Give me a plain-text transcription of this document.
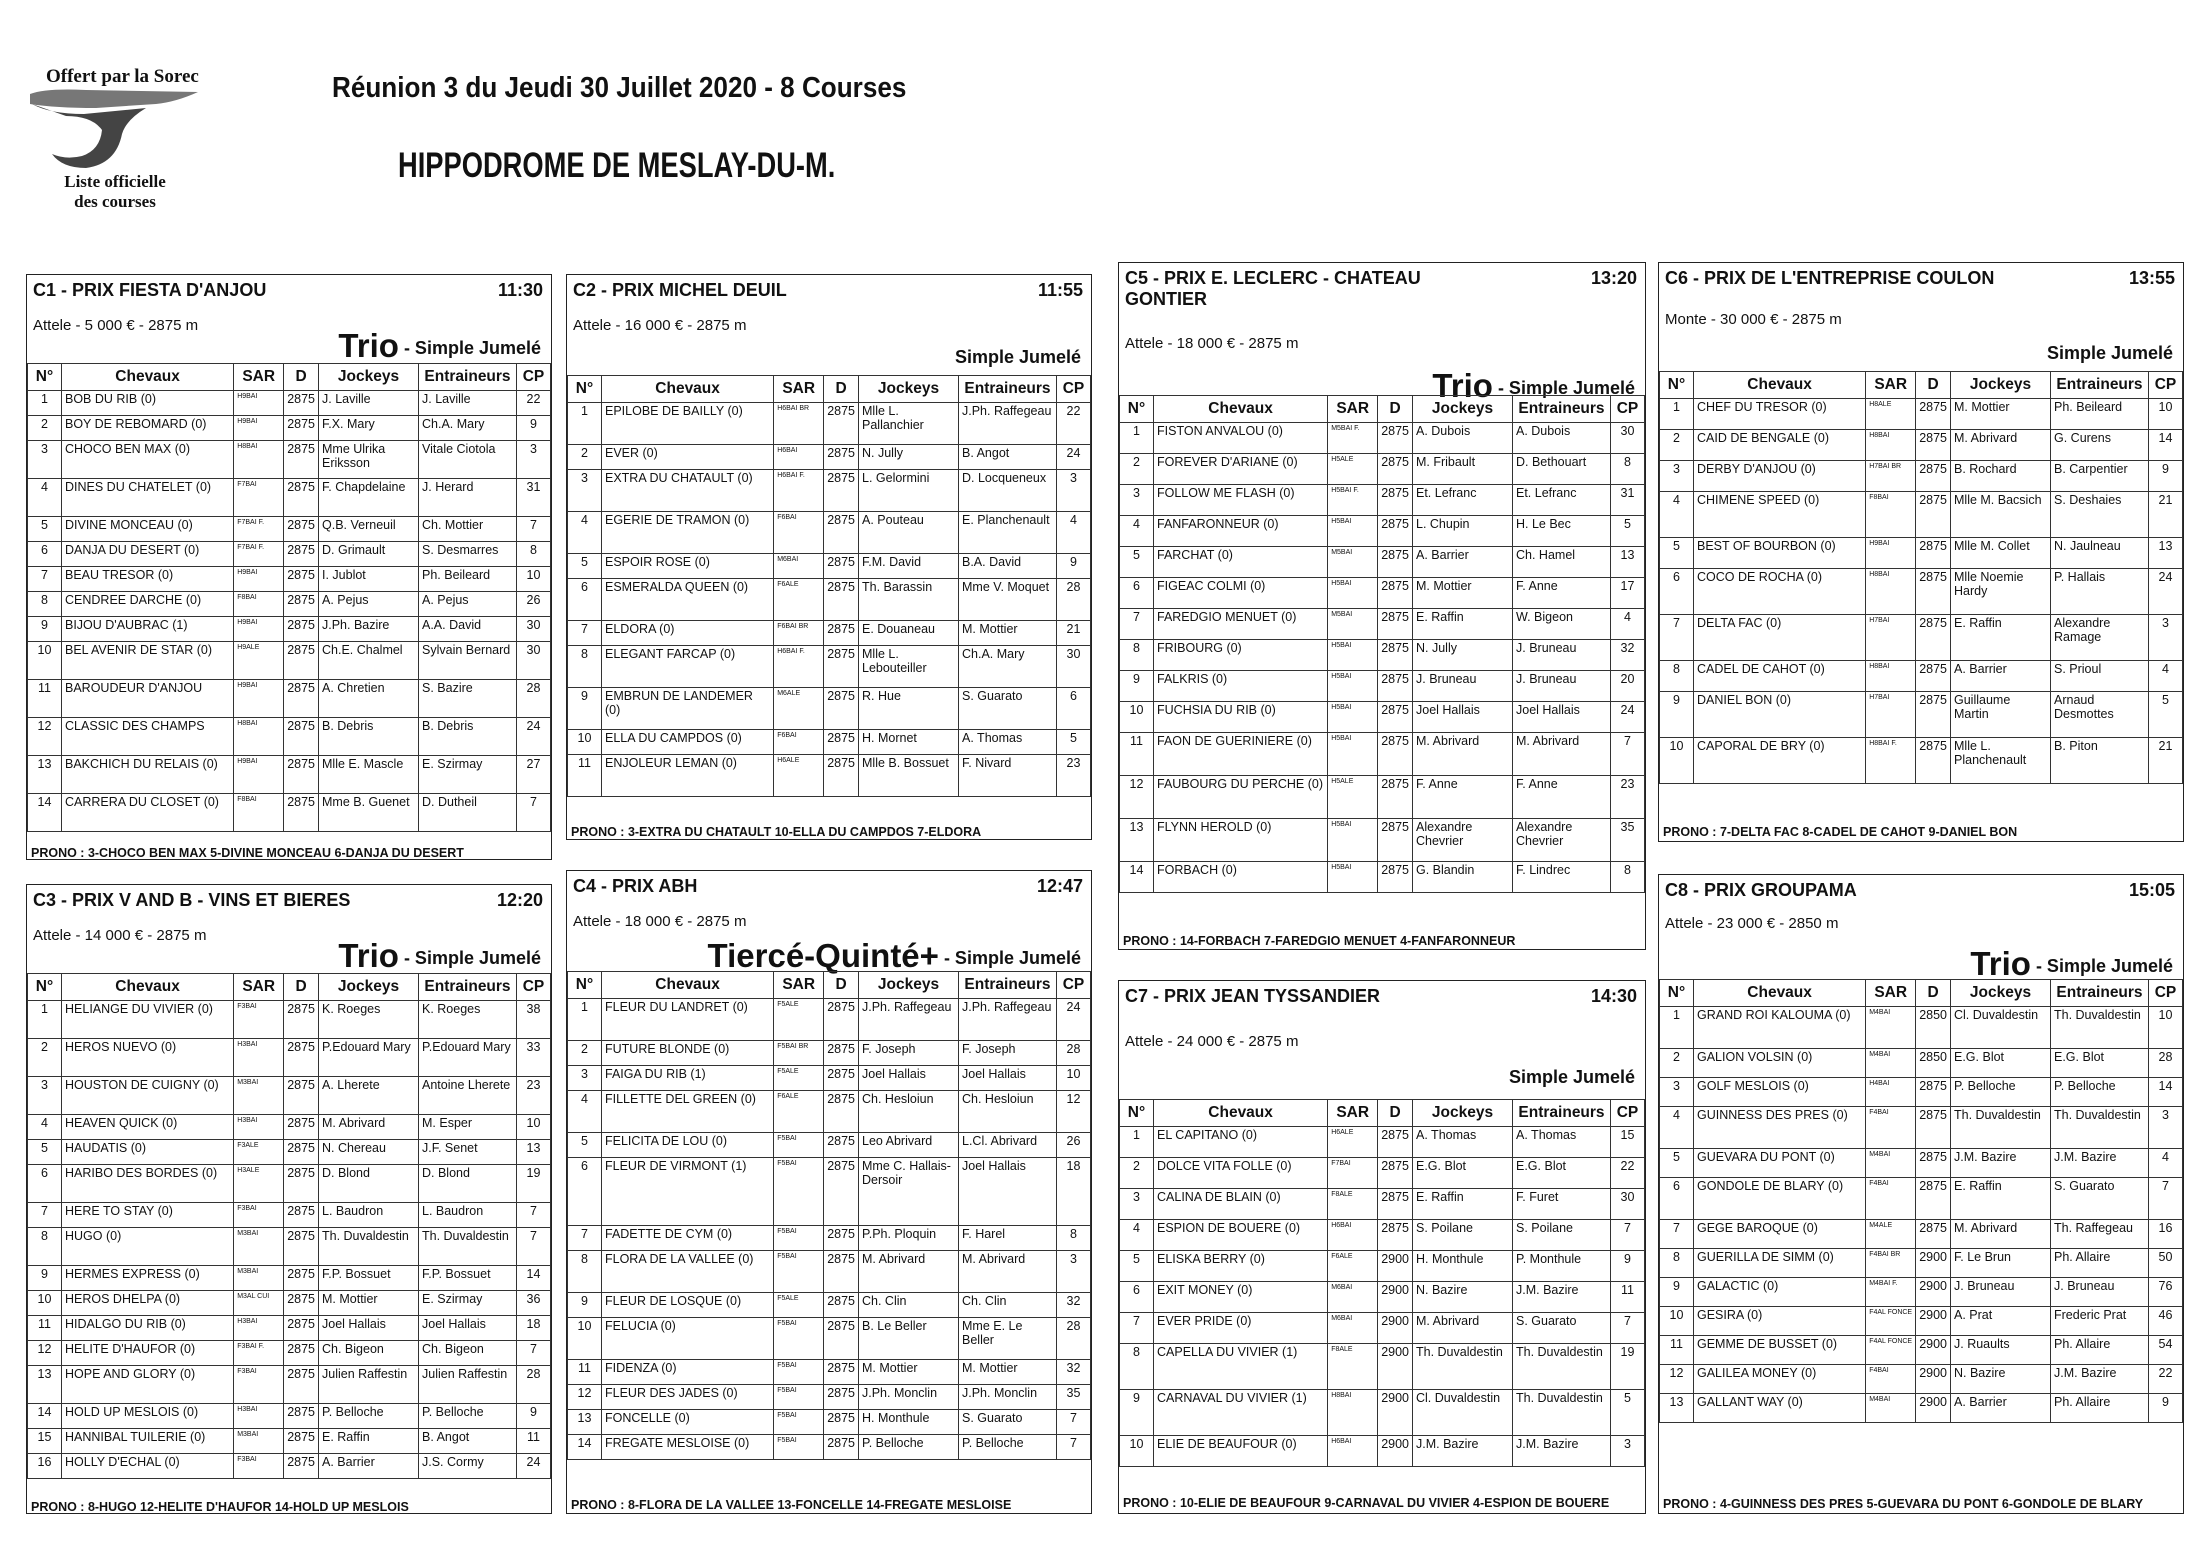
Offert par la Sorec
Liste officielle
des courses
Réunion 3 du Jeudi 30 Juillet 2020 - 8 Courses
HIPPODROME DE MESLAY-DU-M.
C1 - PRIX FIESTA D'ANJOU	11:30
Attele - 5 000 € - 2875 m
Trio - Simple Jumelé
N°	Chevaux	SAR	D	Jockeys	Entraineurs	CP
1	BOB DU RIB (0)	H9BAI	2875	J. Laville	J. Laville	22
2	BOY DE REBOMARD (0)	H9BAI	2875	F.X. Mary	Ch.A. Mary	9
3	CHOCO BEN MAX (0)	H8BAI	2875	Mme Ulrika Eriksson	Vitale Ciotola	3
4	DINES DU CHATELET (0)	F7BAI	2875	F. Chapdelaine	J. Herard	31
5	DIVINE MONCEAU (0)	F7BAI F.	2875	Q.B. Verneuil	Ch. Mottier	7
6	DANJA DU DESERT (0)	F7BAI F.	2875	D. Grimault	S. Desmarres	8
7	BEAU TRESOR (0)	H9BAI	2875	I. Jublot	Ph. Beileard	10
8	CENDREE DARCHE (0)	F8BAI	2875	A. Pejus	A. Pejus	26
9	BIJOU D'AUBRAC (1)	H9BAI	2875	J.Ph. Bazire	A.A. David	30
10	BEL AVENIR DE STAR (0)	H9ALE	2875	Ch.E. Chalmel	Sylvain Bernard	30
11	BAROUDEUR D'ANJOU	H9BAI	2875	A. Chretien	S. Bazire	28
12	CLASSIC DES CHAMPS	H8BAI	2875	B. Debris	B. Debris	24
13	BAKCHICH DU RELAIS (0)	H9BAI	2875	Mlle E. Mascle	E. Szirmay	27
14	CARRERA DU CLOSET (0)	F8BAI	2875	Mme B. Guenet	D. Dutheil	7
PRONO : 3-CHOCO BEN MAX 5-DIVINE MONCEAU 6-DANJA DU DESERT
C2 - PRIX MICHEL DEUIL	11:55
Attele - 16 000 € - 2875 m
Simple Jumelé
N°	Chevaux	SAR	D	Jockeys	Entraineurs	CP
1	EPILOBE DE BAILLY (0)	H6BAI BR	2875	Mlle L. Pallanchier	J.Ph. Raffegeau	22
2	EVER (0)	H6BAI	2875	N. Jully	B. Angot	24
3	EXTRA DU CHATAULT (0)	H6BAI F.	2875	L. Gelormini	D. Locqueneux	3
4	EGERIE DE TRAMON (0)	F6BAI	2875	A. Pouteau	E. Planchenault	4
5	ESPOIR ROSE (0)	M6BAI	2875	F.M. David	B.A. David	9
6	ESMERALDA QUEEN (0)	F6ALE	2875	Th. Barassin	Mme V. Moquet	28
7	ELDORA (0)	F6BAI BR	2875	E. Douaneau	M. Mottier	21
8	ELEGANT FARCAP (0)	H6BAI F.	2875	Mlle L. Lebouteiller	Ch.A. Mary	30
9	EMBRUN DE LANDEMER (0)	M6ALE	2875	R. Hue	S. Guarato	6
10	ELLA DU CAMPDOS (0)	F6BAI	2875	H. Mornet	A. Thomas	5
11	ENJOLEUR LEMAN (0)	H6ALE	2875	Mlle B. Bossuet	F. Nivard	23
PRONO : 3-EXTRA DU CHATAULT 10-ELLA DU CAMPDOS 7-ELDORA
C3 - PRIX V AND B - VINS ET BIERES	12:20
Attele - 14 000 € - 2875 m
Trio - Simple Jumelé
N°	Chevaux	SAR	D	Jockeys	Entraineurs	CP
1	HELIANGE DU VIVIER (0)	F3BAI	2875	K. Roeges	K. Roeges	38
2	HEROS NUEVO (0)	H3BAI	2875	P.Edouard Mary	P.Edouard Mary	33
3	HOUSTON DE CUIGNY (0)	M3BAI	2875	A. Lherete	Antoine Lherete	23
4	HEAVEN QUICK (0)	H3BAI	2875	M. Abrivard	M. Esper	10
5	HAUDATIS (0)	F3ALE	2875	N. Chereau	J.F. Senet	13
6	HARIBO DES BORDES (0)	H3ALE	2875	D. Blond	D. Blond	19
7	HERE TO STAY (0)	F3BAI	2875	L. Baudron	L. Baudron	7
8	HUGO (0)	M3BAI	2875	Th. Duvaldestin	Th. Duvaldestin	7
9	HERMES EXPRESS (0)	M3BAI	2875	F.P. Bossuet	F.P. Bossuet	14
10	HEROS DHELPA (0)	M3AL CUI	2875	M. Mottier	E. Szirmay	36
11	HIDALGO DU RIB (0)	H3BAI	2875	Joel Hallais	Joel Hallais	18
12	HELITE D'HAUFOR (0)	F3BAI F.	2875	Ch. Bigeon	Ch. Bigeon	7
13	HOPE AND GLORY (0)	F3BAI	2875	Julien Raffestin	Julien Raffestin	28
14	HOLD UP MESLOIS (0)	H3BAI	2875	P. Belloche	P. Belloche	9
15	HANNIBAL TUILERIE (0)	M3BAI	2875	E. Raffin	B. Angot	11
16	HOLLY D'ECHAL (0)	F3BAI	2875	A. Barrier	J.S. Cormy	24
PRONO : 8-HUGO 12-HELITE D'HAUFOR 14-HOLD UP MESLOIS
C4 - PRIX ABH	12:47
Attele - 18 000 € - 2875 m
Tiercé-Quinté+ - Simple Jumelé
N°	Chevaux	SAR	D	Jockeys	Entraineurs	CP
1	FLEUR DU LANDRET (0)	F5ALE	2875	J.Ph. Raffegeau	J.Ph. Raffegeau	24
2	FUTURE BLONDE (0)	F5BAI BR	2875	F. Joseph	F. Joseph	28
3	FAIGA DU RIB (1)	F5ALE	2875	Joel Hallais	Joel Hallais	10
4	FILLETTE DEL GREEN (0)	F6ALE	2875	Ch. Hesloiun	Ch. Hesloiun	12
5	FELICITA DE LOU (0)	F5BAI	2875	Leo Abrivard	L.Cl. Abrivard	26
6	FLEUR DE VIRMONT (1)	F5BAI	2875	Mme C. Hallais-Dersoir	Joel Hallais	18
7	FADETTE DE CYM (0)	F5BAI	2875	P.Ph. Ploquin	F. Harel	8
8	FLORA DE LA VALLEE (0)	F5BAI	2875	M. Abrivard	M. Abrivard	3
9	FLEUR DE LOSQUE (0)	F5ALE	2875	Ch. Clin	Ch. Clin	32
10	FELUCIA (0)	F5BAI	2875	B. Le Beller	Mme E. Le Beller	28
11	FIDENZA (0)	F5BAI	2875	M. Mottier	M. Mottier	32
12	FLEUR DES JADES (0)	F5BAI	2875	J.Ph. Monclin	J.Ph. Monclin	35
13	FONCELLE (0)	F5BAI	2875	H. Monthule	S. Guarato	7
14	FREGATE MESLOISE (0)	F5BAI	2875	P. Belloche	P. Belloche	7
PRONO : 8-FLORA DE LA VALLEE 13-FONCELLE 14-FREGATE MESLOISE
C5 - PRIX E. LECLERC - CHATEAU GONTIER
13:20
Attele - 18 000 € - 2875 m
Trio - Simple Jumelé
N°	Chevaux	SAR	D	Jockeys	Entraineurs	CP
1	FISTON ANVALOU (0)	M5BAI F.	2875	A. Dubois	A. Dubois	30
2	FOREVER D'ARIANE (0)	H5ALE	2875	M. Fribault	D. Bethouart	8
3	FOLLOW ME FLASH (0)	H5BAI F.	2875	Et. Lefranc	Et. Lefranc	31
4	FANFARONNEUR (0)	H5BAI	2875	L. Chupin	H. Le Bec	5
5	FARCHAT (0)	M5BAI	2875	A. Barrier	Ch. Hamel	13
6	FIGEAC COLMI (0)	H5BAI	2875	M. Mottier	F. Anne	17
7	FAREDGIO MENUET (0)	M5BAI	2875	E. Raffin	W. Bigeon	4
8	FRIBOURG (0)	H5BAI	2875	N. Jully	J. Bruneau	32
9	FALKRIS (0)	H5BAI	2875	J. Bruneau	J. Bruneau	20
10	FUCHSIA DU RIB (0)	H5BAI	2875	Joel Hallais	Joel Hallais	24
11	FAON DE GUERINIERE (0)	H5BAI	2875	M. Abrivard	M. Abrivard	7
12	FAUBOURG DU PERCHE (0)	H5ALE	2875	F. Anne	F. Anne	23
13	FLYNN HEROLD (0)	H5BAI	2875	Alexandre Chevrier	Alexandre Chevrier	35
14	FORBACH (0)	H5BAI	2875	G. Blandin	F. Lindrec	8
PRONO : 14-FORBACH 7-FAREDGIO MENUET 4-FANFARONNEUR
C6 - PRIX DE L'ENTREPRISE COULON	13:55
Monte - 30 000 € - 2875 m
Simple Jumelé
N°	Chevaux	SAR	D	Jockeys	Entraineurs	CP
1	CHEF DU TRESOR (0)	H8ALE	2875	M. Mottier	Ph. Beileard	10
2	CAID DE BENGALE (0)	H8BAI	2875	M. Abrivard	G. Curens	14
3	DERBY D'ANJOU (0)	H7BAI BR	2875	B. Rochard	B. Carpentier	9
4	CHIMENE SPEED (0)	F8BAI	2875	Mlle M. Bacsich	S. Deshaies	21
5	BEST OF BOURBON (0)	H9BAI	2875	Mlle M. Collet	N. Jaulneau	13
6	COCO DE ROCHA (0)	H8BAI	2875	Mlle Noemie Hardy	P. Hallais	24
7	DELTA FAC (0)	H7BAI	2875	E. Raffin	Alexandre Ramage	3
8	CADEL DE CAHOT (0)	H8BAI	2875	A. Barrier	S. Prioul	4
9	DANIEL BON (0)	H7BAI	2875	Guillaume Martin	Arnaud Desmottes	5
10	CAPORAL DE BRY (0)	H8BAI F.	2875	Mlle L. Planchenault	B. Piton	21
PRONO : 7-DELTA FAC 8-CADEL DE CAHOT 9-DANIEL BON
C7 - PRIX JEAN TYSSANDIER	14:30
Attele - 24 000 € - 2875 m
Simple Jumelé
N°	Chevaux	SAR	D	Jockeys	Entraineurs	CP
1	EL CAPITANO (0)	H6ALE	2875	A. Thomas	A. Thomas	15
2	DOLCE VITA FOLLE (0)	F7BAI	2875	E.G. Blot	E.G. Blot	22
3	CALINA DE BLAIN (0)	F8ALE	2875	E. Raffin	F. Furet	30
4	ESPION DE BOUERE (0)	H6BAI	2875	S. Poilane	S. Poilane	7
5	ELISKA BERRY (0)	F6ALE	2900	H. Monthule	P. Monthule	9
6	EXIT MONEY (0)	M6BAI	2900	N. Bazire	J.M. Bazire	11
7	EVER PRIDE (0)	M6BAI	2900	M. Abrivard	S. Guarato	7
8	CAPELLA DU VIVIER (1)	F8ALE	2900	Th. Duvaldestin	Th. Duvaldestin	19
9	CARNAVAL DU VIVIER (1)	H8BAI	2900	Cl. Duvaldestin	Th. Duvaldestin	5
10	ELIE DE BEAUFOUR (0)	H6BAI	2900	J.M. Bazire	J.M. Bazire	3
PRONO : 10-ELIE DE BEAUFOUR 9-CARNAVAL DU VIVIER 4-ESPION DE BOUERE
C8 - PRIX GROUPAMA	15:05
Attele - 23 000 € - 2850 m
Trio - Simple Jumelé
N°	Chevaux	SAR	D	Jockeys	Entraineurs	CP
1	GRAND ROI KALOUMA (0)	M4BAI	2850	Cl. Duvaldestin	Th. Duvaldestin	10
2	GALION VOLSIN (0)	M4BAI	2850	E.G. Blot	E.G. Blot	28
3	GOLF MESLOIS (0)	H4BAI	2875	P. Belloche	P. Belloche	14
4	GUINNESS DES PRES (0)	F4BAI	2875	Th. Duvaldestin	Th. Duvaldestin	3
5	GUEVARA DU PONT (0)	M4BAI	2875	J.M. Bazire	J.M. Bazire	4
6	GONDOLE DE BLARY (0)	F4BAI	2875	E. Raffin	S. Guarato	7
7	GEGE BAROQUE (0)	M4ALE	2875	M. Abrivard	Th. Raffegeau	16
8	GUERILLA DE SIMM (0)	F4BAI BR	2900	F. Le Brun	Ph. Allaire	50
9	GALACTIC (0)	M4BAI F.	2900	J. Bruneau	J. Bruneau	76
10	GESIRA (0)	F4AL FONCE	2900	A. Prat	Frederic Prat	46
11	GEMME DE BUSSET (0)	F4AL FONCE	2900	J. Ruaults	Ph. Allaire	54
12	GALILEA MONEY (0)	F4BAI	2900	N. Bazire	J.M. Bazire	22
13	GALLANT WAY (0)	M4BAI	2900	A. Barrier	Ph. Allaire	9
PRONO : 4-GUINNESS DES PRES 5-GUEVARA DU PONT 6-GONDOLE DE BLARY
